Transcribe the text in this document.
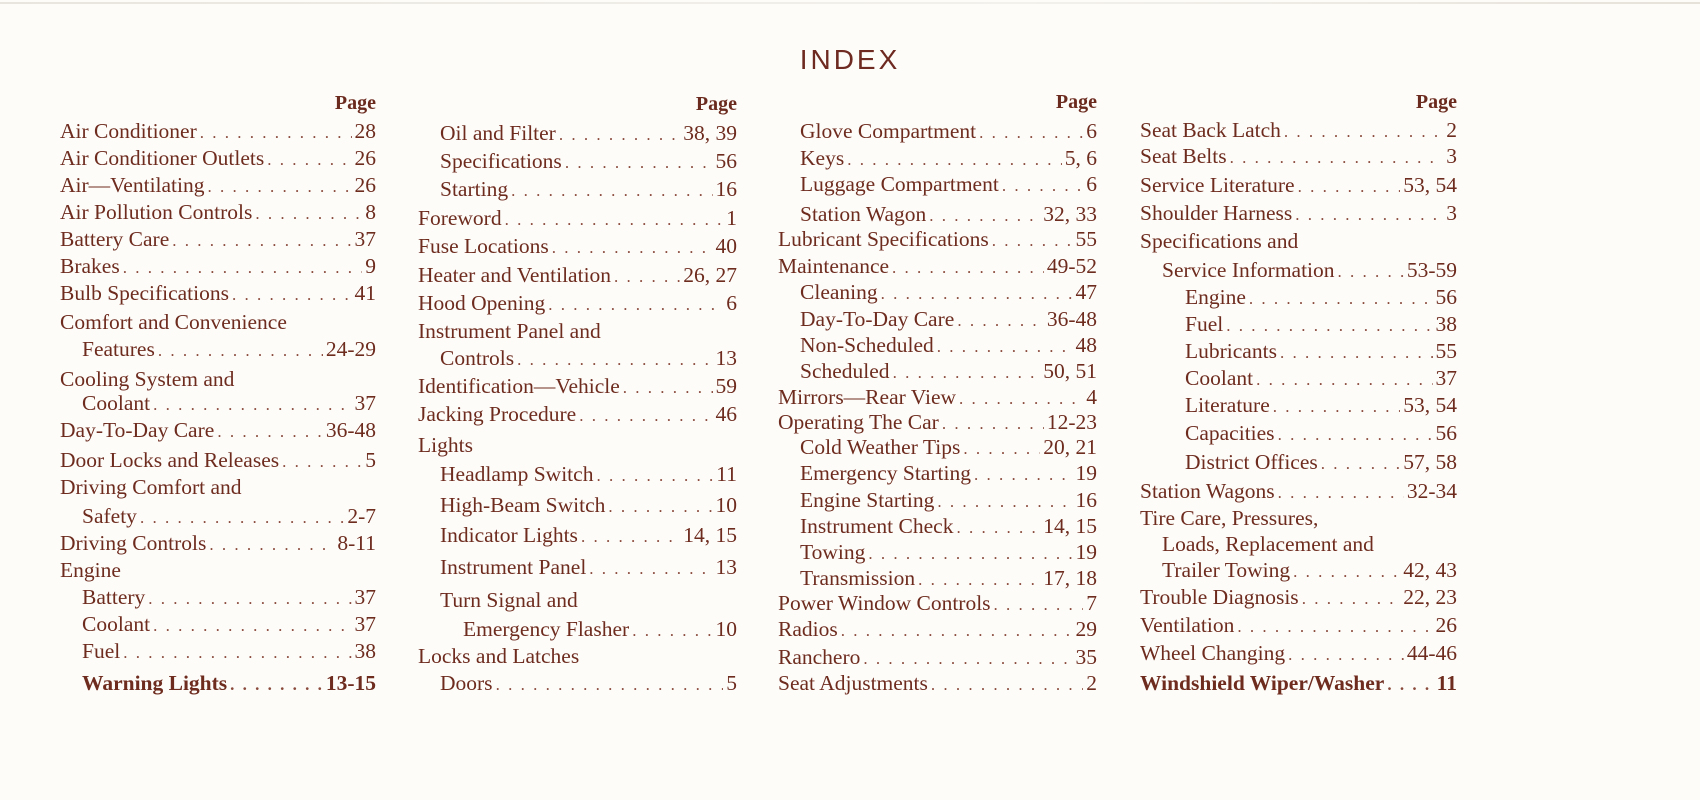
INDEX
Page
Air Conditioner . . .	28
Air Conditioner Outlets . . .	26
Air—Ventilating . . .	26
Air Pollution Controls . . .	8
Battery Care . . .	37
Brakes . . .	9
Bulb Specifications . . .	41
Comfort and Convenience
Features . . .	24-29
Cooling System and
Coolant . . .	37
Day-To-Day Care . . .	36-48
Door Locks and Releases . . .	5
Driving Comfort and
Safety . . .	2-7
Driving Controls . . .	8-11
Engine
Battery . . .	37
Coolant . . .	37
Fuel . . .	38
Warning Lights . . .	13-15
Page
Oil and Filter . . .	38, 39
Specifications . . .	56
Starting . . .	16
Foreword . . .	1
Fuse Locations . . .	40
Heater and Ventilation . . .	26, 27
Hood Opening . . .	6
Instrument Panel and
Controls . . .	13
Identification—Vehicle . . .	59
Jacking Procedure . . .	46
Lights
Headlamp Switch . . .	11
High-Beam Switch . . .	10
Indicator Lights . . .	14, 15
Instrument Panel . . .	13
Turn Signal and
Emergency Flasher . . .	10
Locks and Latches
Doors . . .	5
Page
Glove Compartment . . .	6
Keys . . .	5, 6
Luggage Compartment . . .	6
Station Wagon . . .	32, 33
Lubricant Specifications . . .	55
Maintenance . . .	49-52
Cleaning . . .	47
Day-To-Day Care . . .	36-48
Non-Scheduled . . .	48
Scheduled . . .	50, 51
Mirrors—Rear View . . .	4
Operating The Car . . .	12-23
Cold Weather Tips . . .	20, 21
Emergency Starting . . .	19
Engine Starting . . .	16
Instrument Check . . .	14, 15
Towing . . .	19
Transmission . . .	17, 18
Power Window Controls . . .	7
Radios . . .	29
Ranchero . . .	35
Seat Adjustments . . .	2
Page
Seat Back Latch . . .	2
Seat Belts . . .	3
Service Literature . . .	53, 54
Shoulder Harness . . .	3
Specifications and
Service Information . . .	53-59
Engine . . .	56
Fuel . . .	38
Lubricants . . .	55
Coolant . . .	37
Literature . . .	53, 54
Capacities . . .	56
District Offices . . .	57, 58
Station Wagons . . .	32-34
Tire Care, Pressures,
Loads, Replacement and
Trailer Towing . . .	42, 43
Trouble Diagnosis . . .	22, 23
Ventilation . . .	26
Wheel Changing . . .	44-46
Windshield Wiper/Washer . . . 11
